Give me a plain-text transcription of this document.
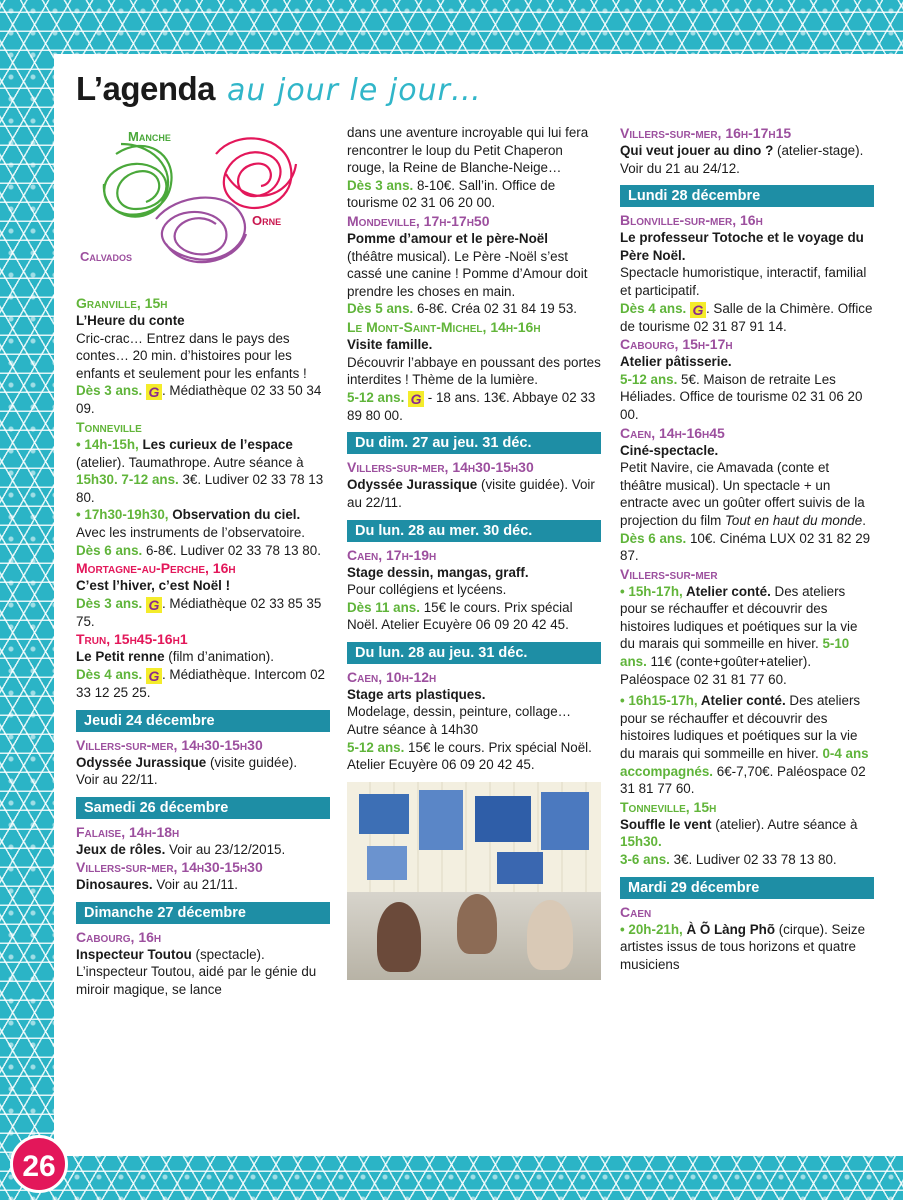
L’agenda au jour le jour…
Manche
Orne
Calvados

Granville, 15h

L’Heure du conte

Cric-crac… Entrez dans le pays des contes… 20 min. d’histoires pour les enfants et seulement pour les enfants !

Dès 3 ans. G . Médiathèque 02 33 50 34 09.

Tonneville

• 14h-15h, Les curieux de l’espace (atelier). Taumathrope. Autre séance à 15h30. 7-12 ans. 3€. Ludiver 02 33 78 13 80.

• 17h30-19h30, Observation du ciel. Avec les instruments de l’observatoire. Dès 6 ans. 6-8€. Ludiver 02 33 78 13 80.

Mortagne-au-Perche, 16h

C’est l’hiver, c’est Noël !

Dès 3 ans. G . Médiathèque 02 33 85 35 75.

Trun, 15h45-16h1

Le Petit renne (film d’animation).

Dès 4 ans. G . Médiathèque. Intercom 02 33 12 25 25.

Jeudi 24 décembre

Villers-sur-mer, 14h30-15h30

Odyssée Jurassique (visite guidée).

Voir au 22/11.

Samedi 26 décembre

Falaise, 14h-18h

Jeux de rôles. Voir au 23/12/2015.

Villers-sur-mer, 14h30-15h30

Dinosaures. Voir au 21/11.

Dimanche 27 décembre

Cabourg, 16h

Inspecteur Toutou (spectacle). L’inspecteur Toutou, aidé par le génie du miroir magique, se lance

dans une aventure incroyable qui lui fera rencontrer le loup du Petit Chaperon rouge, la Reine de Blanche-Neige…

Dès 3 ans. 8-10€. Sall’in. Office de tourisme 02 31 06 20 00.

Mondeville, 17h-17h50

Pomme d’amour et le père-Noël

(théâtre musical). Le Père -Noël s’est cassé une canine ! Pomme d’Amour doit prendre les choses en main.

Dès 5 ans. 6-8€. Créa 02 31 84 19 53.

Le Mont-Saint-Michel, 14h-16h

Visite famille.

Découvrir l’abbaye en poussant des portes interdites ! Thème de la lumière.

5-12 ans. G - 18 ans. 13€. Abbaye 02 33 89 80 00.

Du dim. 27 au jeu. 31 déc.

Villers-sur-mer, 14h30-15h30

Odyssée Jurassique (visite guidée). Voir au 22/11.

Du lun. 28 au mer. 30 déc.

Caen, 17h-19h

Stage dessin, mangas, graff.

Pour collégiens et lycéens.

Dès 11 ans. 15€ le cours. Prix spécial Noël. Atelier Ecuyère 06 09 20 42 45.

Du lun. 28 au jeu. 31 déc.

Caen, 10h-12h

Stage arts plastiques.

Modelage, dessin, peinture, collage… Autre séance à 14h30

5-12 ans. 15€ le cours. Prix spécial Noël. Atelier Ecuyère 06 09 20 42 45.

Villers-sur-mer, 16h-17h15

Qui veut jouer au dino ? (atelier-stage). Voir du 21 au 24/12.

Lundi 28 décembre

Blonville-sur-mer, 16h

Le professeur Totoche et le voyage du Père Noël.

Spectacle humoristique, interactif, familial et participatif.

Dès 4 ans. G . Salle de la Chimère. Office de tourisme 02 31 87 91 14.

Cabourg, 15h-17h

Atelier pâtisserie.

5-12 ans. 5€. Maison de retraite Les Héliades. Office de tourisme 02 31 06 20 00.

Caen, 14h-16h45

Ciné-spectacle.

Petit Navire, cie Amavada (conte et théâtre musical). Un spectacle + un entracte avec un goûter offert suivis de la projection du film Tout en haut du monde.

Dès 6 ans. 10€. Cinéma LUX 02 31 82 29 87.

Villers-sur-mer

• 15h-17h, Atelier conté. Des ateliers pour se réchauffer et découvrir des histoires ludiques et poétiques sur la vie du marais qui sommeille en hiver. 5-10 ans. 11€ (conte+goûter+atelier). Paléospace 02 31 81 77 60.

• 16h15-17h, Atelier conté. Des ateliers pour se réchauffer et découvrir des histoires ludiques et poétiques sur la vie du marais qui sommeille en hiver. 0-4 ans accompagnés. 6€-7,70€. Paléospace 02 31 81 77 60.

Tonneville, 15h

Souffle le vent (atelier). Autre séance à 15h30.

3-6 ans. 3€. Ludiver 02 33 78 13 80.

Mardi 29 décembre

Caen

• 20h-21h, À Õ Làng Phõ (cirque). Seize artistes issus de tous horizons et quatre musiciens

26
